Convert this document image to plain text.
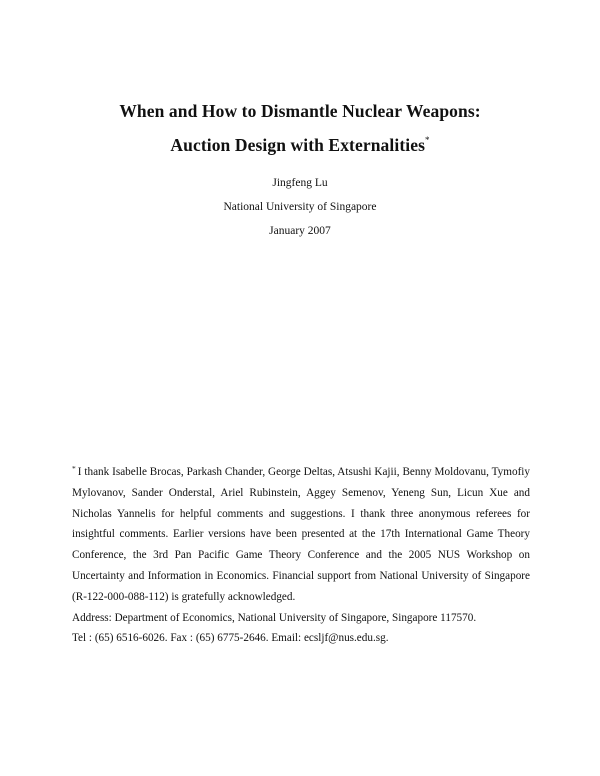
When and How to Dismantle Nuclear Weapons:
Auction Design with Externalities*
Jingfeng Lu
National University of Singapore
January 2007

* I thank Isabelle Brocas, Parkash Chander, George Deltas, Atsushi Kajii, Benny Moldovanu, Tymofiy Mylovanov, Sander Onderstal, Ariel Rubinstein, Aggey Semenov, Yeneng Sun, Licun Xue and Nicholas Yannelis for helpful comments and suggestions. I thank three anonymous referees for insightful comments. Earlier versions have been presented at the 17th International Game Theory Conference, the 3rd Pan Pacific Game Theory Conference and the 2005 NUS Workshop on Uncertainty and Information in Economics. Financial support from National University of Singapore (R-122-000-088-112) is gratefully acknowledged.

Address: Department of Economics, National University of Singapore, Singapore 117570.

Tel : (65) 6516-6026. Fax : (65) 6775-2646. Email: ecsljf@nus.edu.sg.
